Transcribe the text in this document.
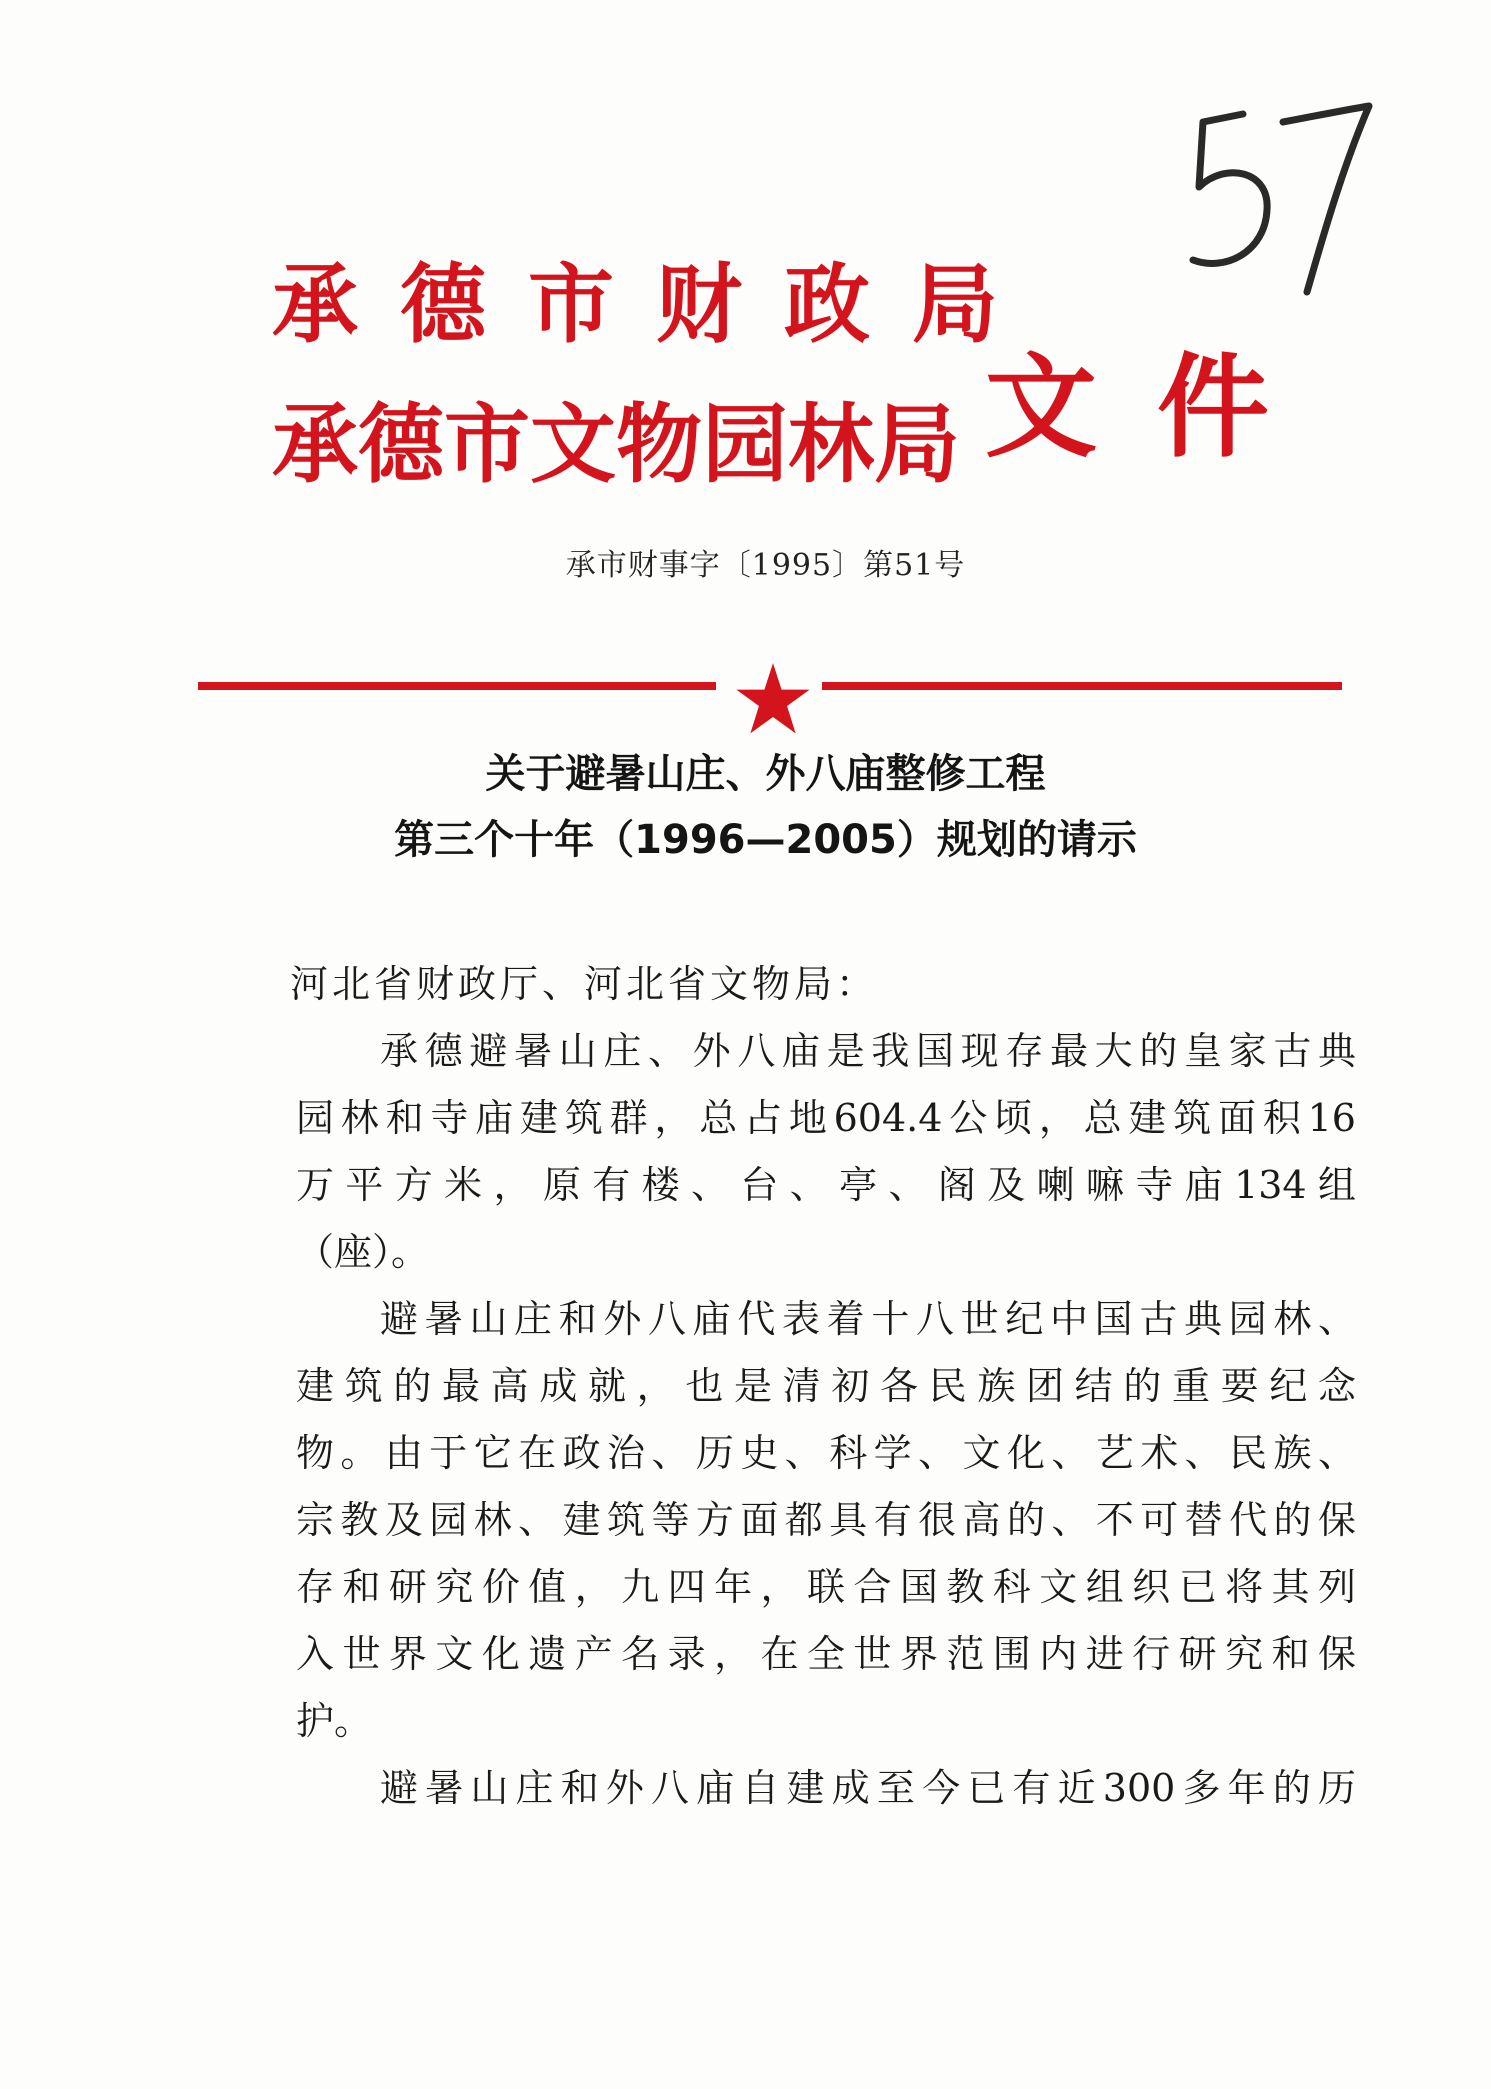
承德市财政局
承德市文物园林局 文件
承市财事字〔1995〕第51号
关于避暑山庄、外八庙整修工程
第三个十年（1996—2005）规划的请示
河北省财政厅、河北省文物局：
承德避暑山庄、外八庙是我国现存最大的皇家古典
园林和寺庙建筑群，总占地604.4公顷，总建筑面积16
万平方米，原有楼、台、亭、阁及喇嘛寺庙134组
（座）。
避暑山庄和外八庙代表着十八世纪中国古典园林、
建筑的最高成就，也是清初各民族团结的重要纪念
物。由于它在政治、历史、科学、文化、艺术、民族、
宗教及园林、建筑等方面都具有很高的、不可替代的保
存和研究价值，九四年，联合国教科文组织已将其列
入世界文化遗产名录，在全世界范围内进行研究和保
护。
避暑山庄和外八庙自建成至今已有近300多年的历
